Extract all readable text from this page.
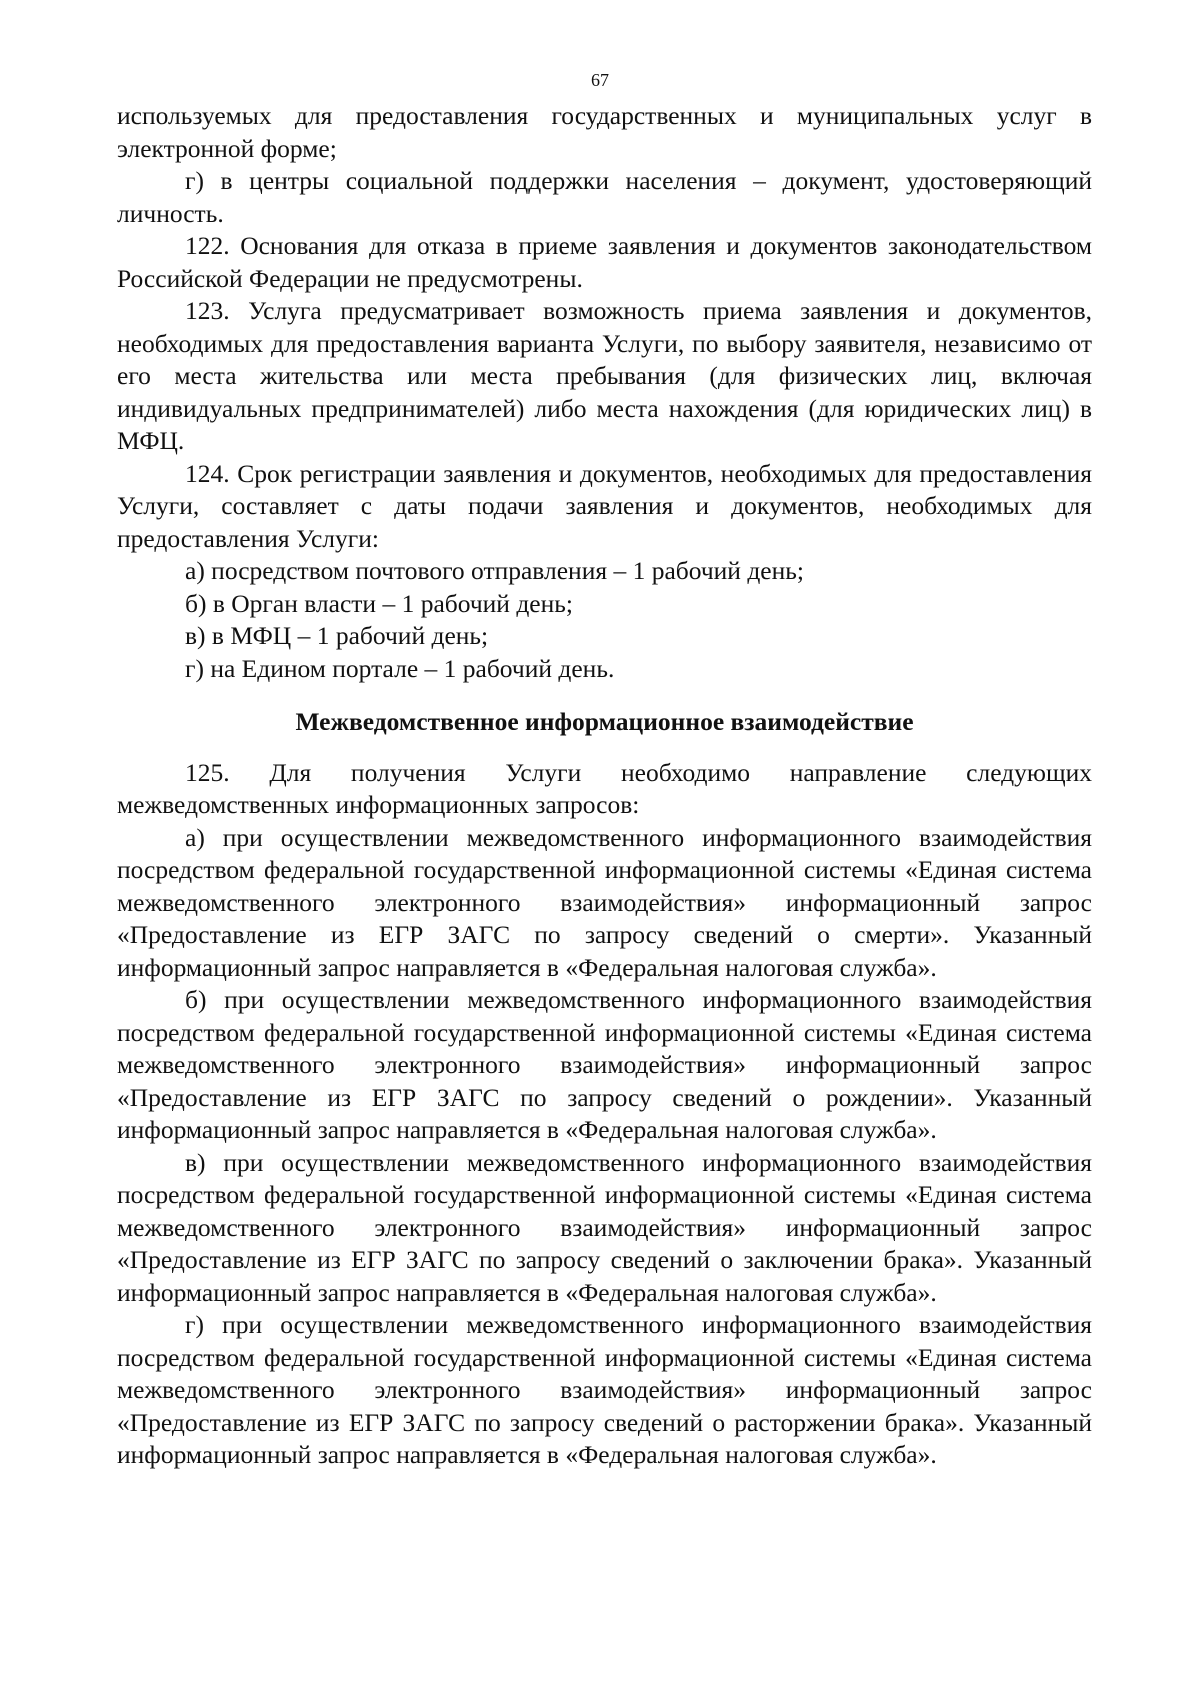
67

используемых для предоставления государственных и муниципальных услуг в электронной форме;

г) в центры социальной поддержки населения – документ, удостоверяющий личность.

122. Основания для отказа в приеме заявления и документов законодательством Российской Федерации не предусмотрены.

123. Услуга предусматривает возможность приема заявления и документов, необходимых для предоставления варианта Услуги, по выбору заявителя, независимо от его места жительства или места пребывания (для физических лиц, включая индивидуальных предпринимателей) либо места нахождения (для юридических лиц) в МФЦ.

124. Срок регистрации заявления и документов, необходимых для предоставления Услуги, составляет с даты подачи заявления и документов, необходимых для предоставления Услуги:

а) посредством почтового отправления – 1 рабочий день;

б) в Орган власти – 1 рабочий день;

в) в МФЦ – 1 рабочий день;

г) на Едином портале – 1 рабочий день.

Межведомственное информационное взаимодействие

125. Для получения Услуги необходимо направление следующих межведомственных информационных запросов:

а) при осуществлении межведомственного информационного взаимодействия посредством федеральной государственной информационной системы «Единая система межведомственного электронного взаимодействия» информационный запрос «Предоставление из ЕГР ЗАГС по запросу сведений о смерти». Указанный информационный запрос направляется в «Федеральная налоговая служба».

б) при осуществлении межведомственного информационного взаимодействия посредством федеральной государственной информационной системы «Единая система межведомственного электронного взаимодействия» информационный запрос «Предоставление из ЕГР ЗАГС по запросу сведений о рождении». Указанный информационный запрос направляется в «Федеральная налоговая служба».

в) при осуществлении межведомственного информационного взаимодействия посредством федеральной государственной информационной системы «Единая система межведомственного электронного взаимодействия» информационный запрос «Предоставление из ЕГР ЗАГС по запросу сведений о заключении брака». Указанный информационный запрос направляется в «Федеральная налоговая служба».

г) при осуществлении межведомственного информационного взаимодействия посредством федеральной государственной информационной системы «Единая система межведомственного электронного взаимодействия» информационный запрос «Предоставление из ЕГР ЗАГС по запросу сведений о расторжении брака». Указанный информационный запрос направляется в «Федеральная налоговая служба».
